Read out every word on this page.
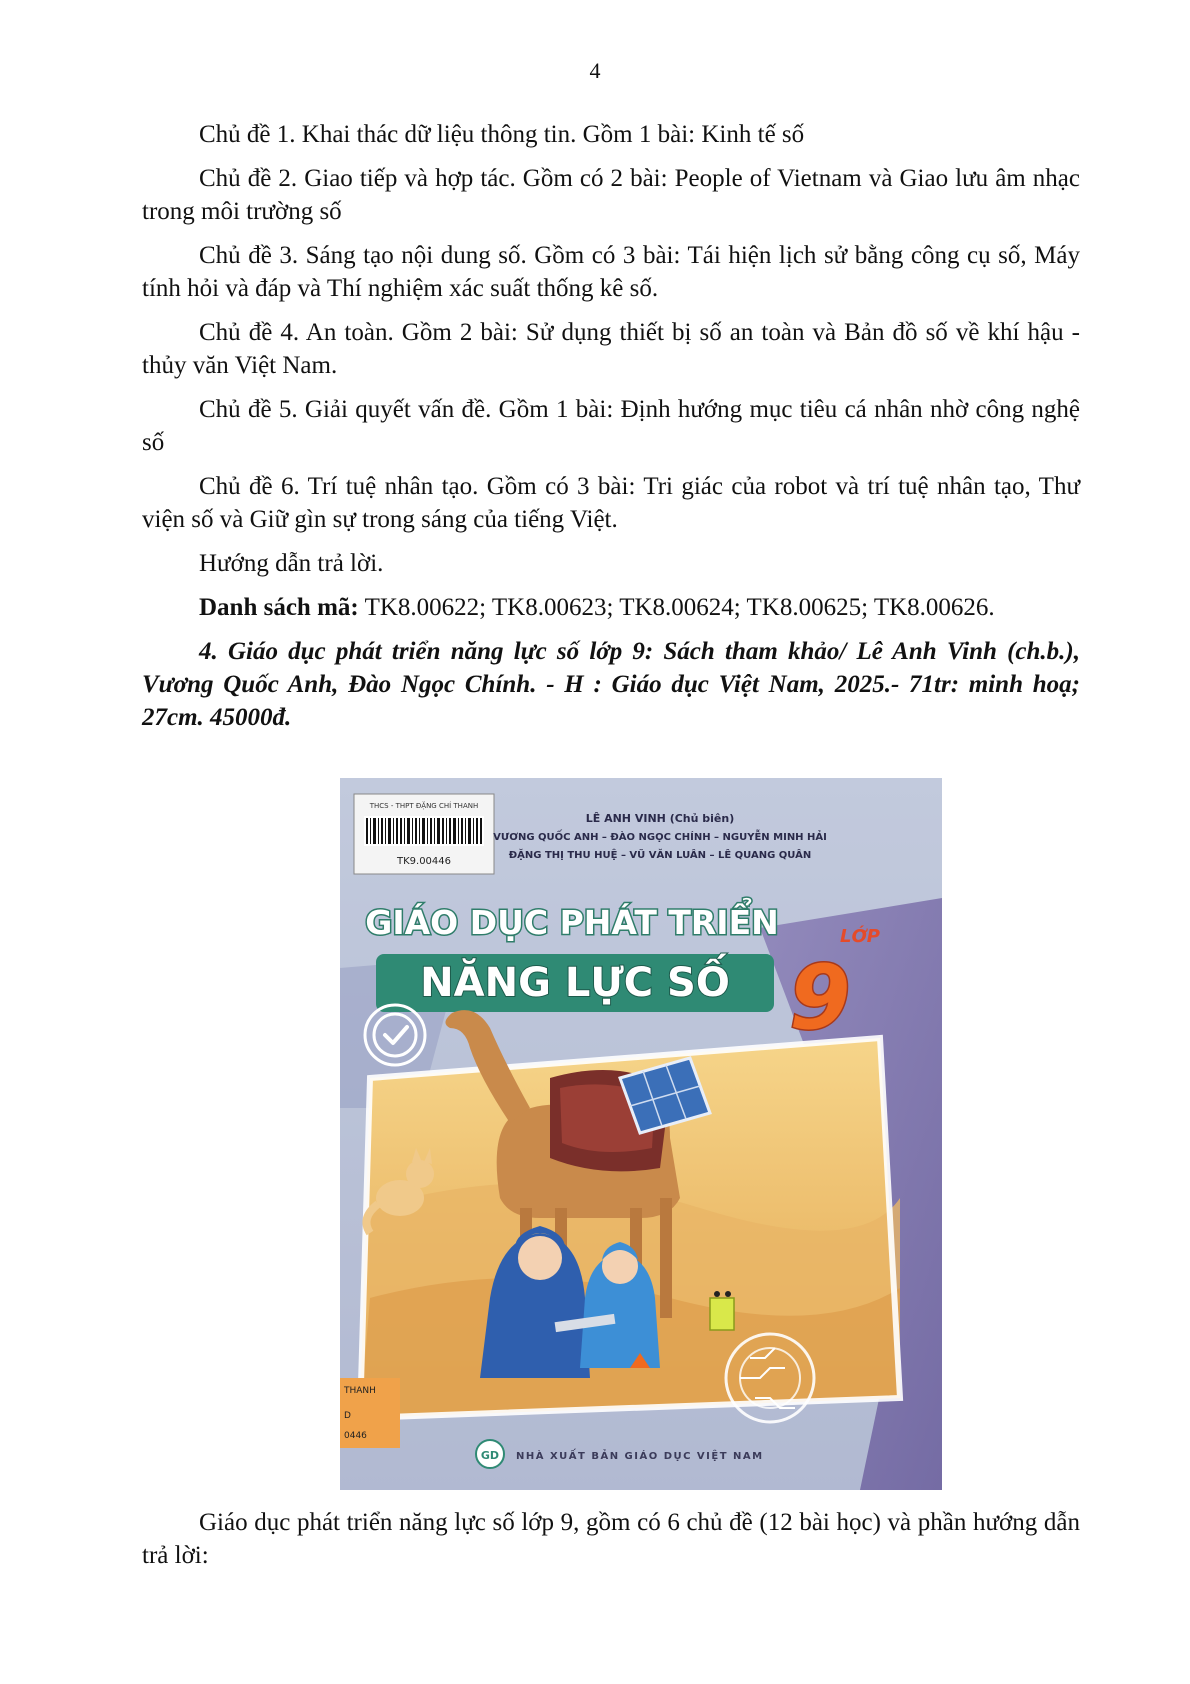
4

Chủ đề 1. Khai thác dữ liệu thông tin. Gồm 1 bài: Kinh tế số

Chủ đề 2. Giao tiếp và hợp tác. Gồm có 2 bài: People of Vietnam và Giao lưu âm nhạc trong môi trường số

Chủ đề 3. Sáng tạo nội dung số. Gồm có 3 bài: Tái hiện lịch sử bằng công cụ số, Máy tính hỏi và đáp và Thí nghiệm xác suất thống kê số.

Chủ đề 4. An toàn. Gồm 2 bài: Sử dụng thiết bị số an toàn và Bản đồ số về khí hậu - thủy văn Việt Nam.

Chủ đề 5. Giải quyết vấn đề. Gồm 1 bài: Định hướng mục tiêu cá nhân nhờ công nghệ số

Chủ đề 6. Trí tuệ nhân tạo. Gồm có 3 bài: Tri giác của robot và trí tuệ nhân tạo, Thư viện số và Giữ gìn sự trong sáng của tiếng Việt.

Hướng dẫn trả lời.

Danh sách mã: TK8.00622; TK8.00623; TK8.00624; TK8.00625; TK8.00626.

4. Giáo dục phát triển năng lực số lớp 9: Sách tham khảo/ Lê Anh Vinh (ch.b.), Vương Quốc Anh, Đào Ngọc Chính. - H : Giáo dục Việt Nam, 2025.- 71tr: minh hoạ; 27cm. 45000đ.

THCS - THPT ĐẶNG CHÍ THANH
TK9.00446
LÊ ANH VINH (Chủ biên)
VƯƠNG QUỐC ANH – ĐÀO NGỌC CHÍNH – NGUYỄN MINH HẢI
ĐẶNG THỊ THU HUỆ – VŨ VĂN LUÂN – LÊ QUANG QUÂN
GIÁO DỤC PHÁT TRIỂN
NĂNG LỰC SỐ
LỚP
9
THANH
D
0446
GD NHÀ XUẤT BẢN GIÁO DỤC VIỆT NAM

Giáo dục phát triển năng lực số lớp 9, gồm có 6 chủ đề (12 bài học) và phần hướng dẫn trả lời:
